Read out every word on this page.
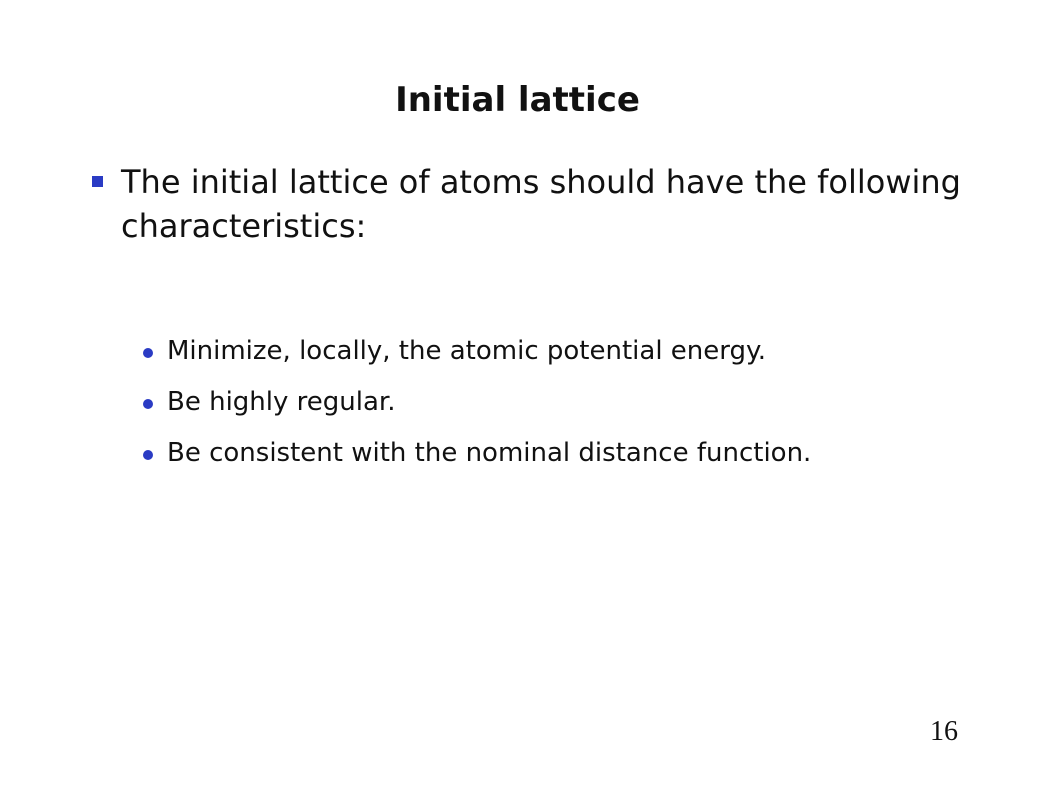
Initial lattice
The initial lattice of atoms should have the following characteristics:
Minimize, locally, the atomic potential energy.
Be highly regular.
Be consistent with the nominal distance function.
16
